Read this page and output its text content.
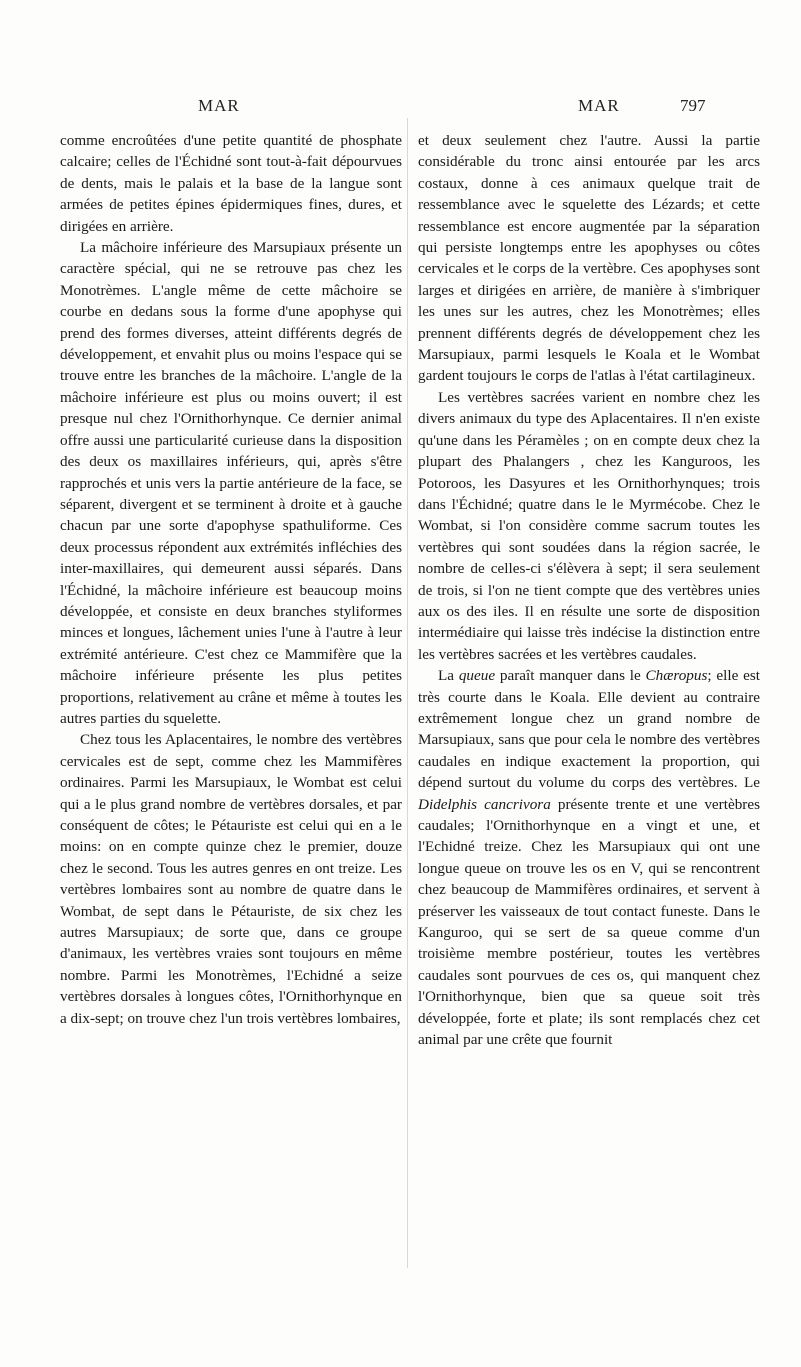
MAR	MAR	797

comme encroûtées d'une petite quantité de phosphate calcaire; celles de l'Échidné sont tout-à-fait dépourvues de dents, mais le palais et la base de la langue sont armées de petites épines épidermiques fines, dures, et dirigées en arrière.

La mâchoire inférieure des Marsupiaux présente un caractère spécial, qui ne se retrouve pas chez les Monotrèmes. L'angle même de cette mâchoire se courbe en dedans sous la forme d'une apophyse qui prend des formes diverses, atteint différents degrés de développement, et envahit plus ou moins l'espace qui se trouve entre les branches de la mâchoire. L'angle de la mâchoire inférieure est plus ou moins ouvert; il est presque nul chez l'Ornithorhynque. Ce dernier animal offre aussi une particularité curieuse dans la disposition des deux os maxillaires inférieurs, qui, après s'être rapprochés et unis vers la partie antérieure de la face, se séparent, divergent et se terminent à droite et à gauche chacun par une sorte d'apophyse spathuliforme. Ces deux processus répondent aux extrémités infléchies des inter-maxillaires, qui demeurent aussi séparés. Dans l'Échidné, la mâchoire inférieure est beaucoup moins développée, et consiste en deux branches styliformes minces et longues, lâchement unies l'une à l'autre à leur extrémité antérieure. C'est chez ce Mammifère que la mâchoire inférieure présente les plus petites proportions, relativement au crâne et même à toutes les autres parties du squelette.

Chez tous les Aplacentaires, le nombre des vertèbres cervicales est de sept, comme chez les Mammifères ordinaires. Parmi les Marsupiaux, le Wombat est celui qui a le plus grand nombre de vertèbres dorsales, et par conséquent de côtes; le Pétauriste est celui qui en a le moins: on en compte quinze chez le premier, douze chez le second. Tous les autres genres en ont treize. Les vertèbres lombaires sont au nombre de quatre dans le Wombat, de sept dans le Pétauriste, de six chez les autres Marsupiaux; de sorte que, dans ce groupe d'animaux, les vertèbres vraies sont toujours en même nombre. Parmi les Monotrèmes, l'Echidné a seize vertèbres dorsales à longues côtes, l'Ornithorhynque en a dix-sept; on trouve chez l'un trois vertèbres lombaires,

et deux seulement chez l'autre. Aussi la partie considérable du tronc ainsi entourée par les arcs costaux, donne à ces animaux quelque trait de ressemblance avec le squelette des Lézards; et cette ressemblance est encore augmentée par la séparation qui persiste longtemps entre les apophyses ou côtes cervicales et le corps de la vertèbre. Ces apophyses sont larges et dirigées en arrière, de manière à s'imbriquer les unes sur les autres, chez les Monotrèmes; elles prennent différents degrés de développement chez les Marsupiaux, parmi lesquels le Koala et le Wombat gardent toujours le corps de l'atlas à l'état cartilagineux.

Les vertèbres sacrées varient en nombre chez les divers animaux du type des Aplacentaires. Il n'en existe qu'une dans les Péramèles ; on en compte deux chez la plupart des Phalangers , chez les Kanguroos, les Potoroos, les Dasyures et les Ornithorhynques; trois dans l'Échidné; quatre dans le le Myrmécobe. Chez le Wombat, si l'on considère comme sacrum toutes les vertèbres qui sont soudées dans la région sacrée, le nombre de celles-ci s'élèvera à sept; il sera seulement de trois, si l'on ne tient compte que des vertèbres unies aux os des iles. Il en résulte une sorte de disposition intermédiaire qui laisse très indécise la distinction entre les vertèbres sacrées et les vertèbres caudales.

La queue paraît manquer dans le Chæropus; elle est très courte dans le Koala. Elle devient au contraire extrêmement longue chez un grand nombre de Marsupiaux, sans que pour cela le nombre des vertèbres caudales en indique exactement la proportion, qui dépend surtout du volume du corps des vertèbres. Le Didelphis cancrivora présente trente et une vertèbres caudales; l'Ornithorhynque en a vingt et une, et l'Echidné treize. Chez les Marsupiaux qui ont une longue queue on trouve les os en V, qui se rencontrent chez beaucoup de Mammifères ordinaires, et servent à préserver les vaisseaux de tout contact funeste. Dans le Kanguroo, qui se sert de sa queue comme d'un troisième membre postérieur, toutes les vertèbres caudales sont pourvues de ces os, qui manquent chez l'Ornithorhynque, bien que sa queue soit très développée, forte et plate; ils sont remplacés chez cet animal par une crête que fournit
